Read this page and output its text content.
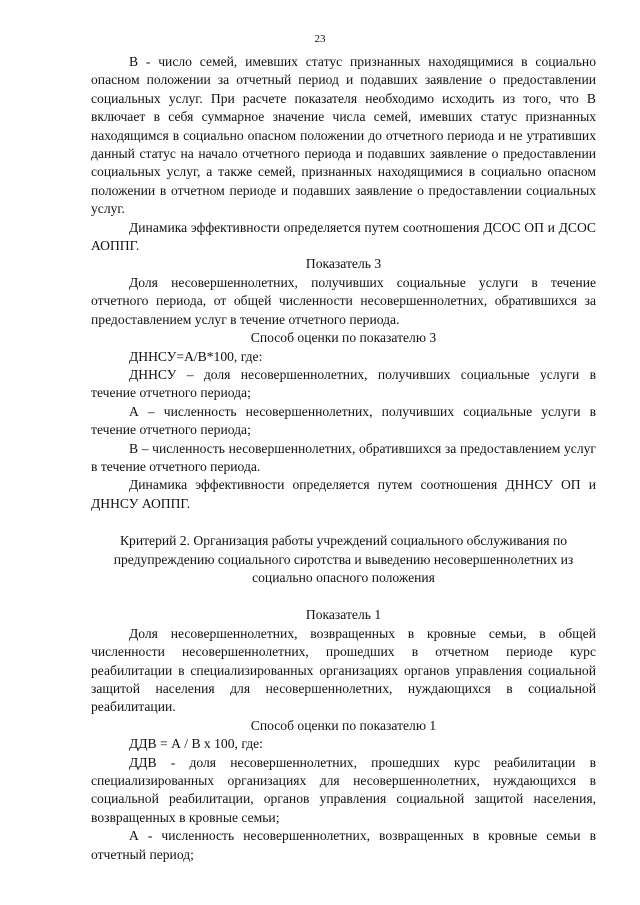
23

В - число семей, имевших статус признанных находящимися в социально опасном положении за отчетный период и подавших заявление о предоставлении социальных услуг. При расчете показателя необходимо исходить из того, что В включает в себя суммарное значение числа семей, имевших статус признанных находящимся в социально опасном положении до отчетного периода и не утративших данный статус на начало отчетного периода и подавших заявление о предоставлении социальных услуг, а также семей, признанных находящимися в социально опасном положении в отчетном периоде и подавших заявление о предоставлении социальных услуг.

Динамика эффективности определяется путем соотношения ДСОС ОП и ДСОС АОППГ.

Показатель 3

Доля несовершеннолетних, получивших социальные услуги в течение отчетного периода, от общей численности несовершеннолетних, обратившихся за предоставлением услуг в течение отчетного периода.

Способ оценки по показателю 3

ДННСУ=А/В*100, где:

ДННСУ – доля несовершеннолетних, получивших социальные услуги в течение отчетного периода;

А – численность несовершеннолетних, получивших социальные услуги в течение отчетного периода;

В – численность несовершеннолетних, обратившихся за предоставлением услуг в течение отчетного периода.

Динамика эффективности определяется путем соотношения ДННСУ ОП и ДННСУ АОППГ.

Критерий 2. Организация работы учреждений социального обслуживания по предупреждению социального сиротства и выведению несовершеннолетних из социально опасного положения

Показатель 1

Доля несовершеннолетних, возвращенных в кровные семьи, в общей численности несовершеннолетних, прошедших в отчетном периоде курс реабилитации в специализированных организациях органов управления социальной защитой населения для несовершеннолетних, нуждающихся в социальной реабилитации.

Способ оценки по показателю 1

ДДВ = А / В х 100, где:

ДДВ - доля несовершеннолетних, прошедших курс реабилитации в специализированных организациях для несовершеннолетних, нуждающихся в социальной реабилитации, органов управления социальной защитой населения, возвращенных в кровные семьи;

А - численность несовершеннолетних, возвращенных в кровные семьи в отчетный период;
